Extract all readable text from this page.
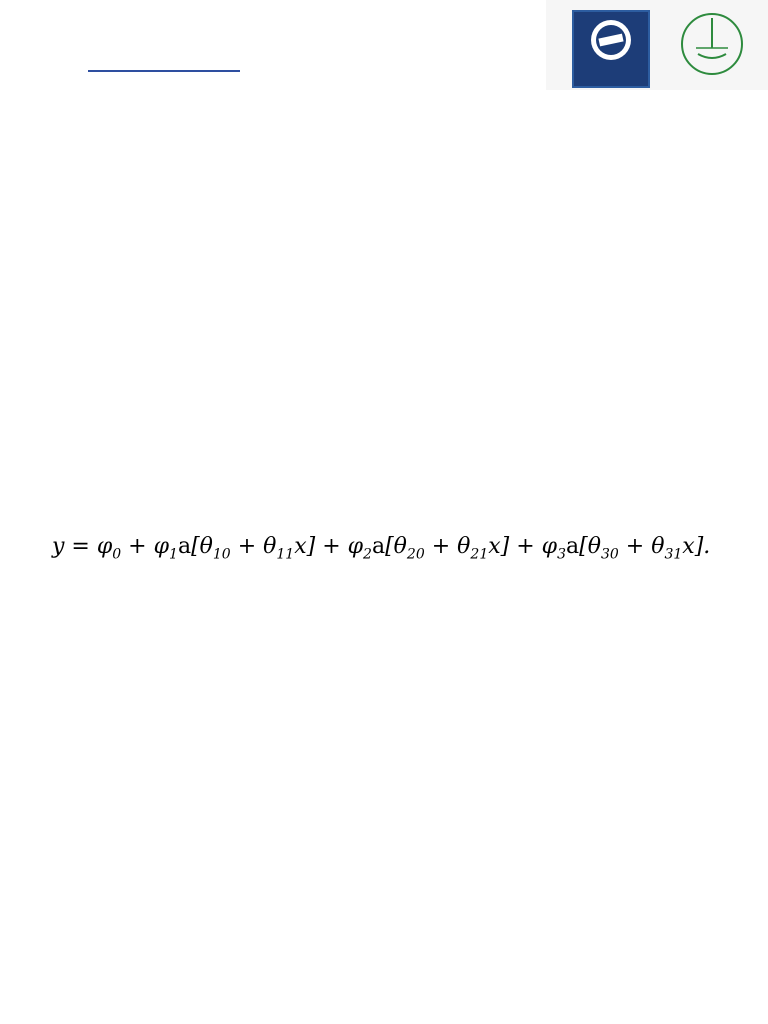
$y = \varphi_0 + \varphi_1a[\theta_{10} + \theta_{11}x] + \varphi_2a[\theta_{20} + \theta_{21}x] + \varphi_3a[\theta_{30} + \theta_{31}x]$.
